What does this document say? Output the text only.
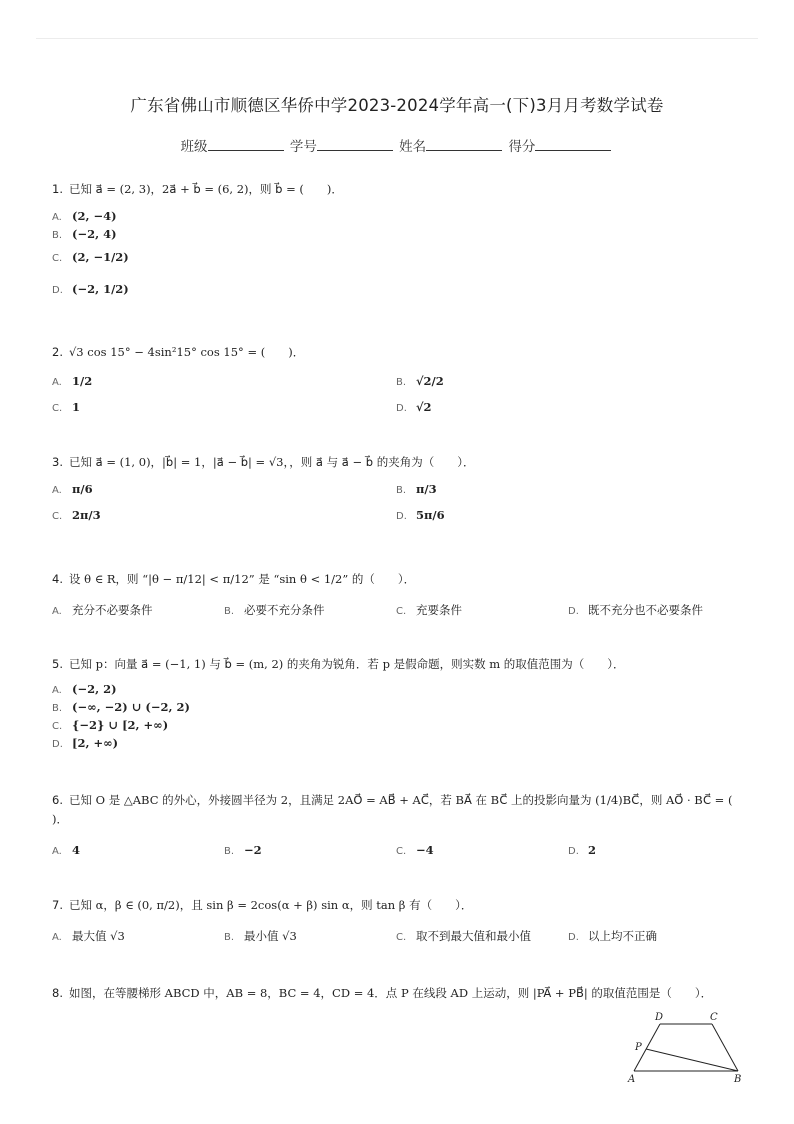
广东省佛山市顺德区华侨中学2023-2024学年高一(下)3月月考数学试卷
班级	学号	姓名	得分
1. 已知 a⃗ = (2, 3)，2a⃗ + b⃗ = (6, 2)，则 b⃗ = (　　)．
A. (2, −4)
B. (−2, 4)
C. (2, −1/2)
D. (−2, 1/2)
2. √3 cos 15° − 4sin²15° cos 15° = (　　)．
A. 1/2	B. √2/2
C. 1	D. √2
3. 已知 a⃗ = (1, 0)，|b⃗| = 1，|a⃗ − b⃗| = √3，，则 a⃗ 与 a⃗ − b⃗ 的夹角为（　　）．
A. π/6	B. π/3
C. 2π/3	D. 5π/6
4. 设 θ ∈ R，则 “|θ − π/12| < π/12” 是 “sin θ < 1/2” 的（　　）．
A. 充分不必要条件	B. 必要不充分条件	C. 充要条件	D. 既不充分也不必要条件
5. 已知 p：向量 a⃗ = (−1, 1) 与 b⃗ = (m, 2) 的夹角为锐角．若 p 是假命题，则实数 m 的取值范围为（　　）．
A. (−2, 2)
B. (−∞, −2) ∪ (−2, 2)
C. {−2} ∪ [2, +∞)
D. [2, +∞)
6. 已知 O 是 △ABC 的外心，外接圆半径为 2，且满足 2AO⃗ = AB⃗ + AC⃗，若 BA⃗ 在 BC⃗ 上的投影向量为 (1/4)BC⃗，则 AO⃗ · BC⃗ = (
)．
A. 4	B. −2	C. −4	D. 2
7. 已知 α，β ∈ (0, π/2)，且 sin β = 2cos(α + β) sin α，则 tan β 有（　　）．
A. 最大值 √3	B. 最小值 √3	C. 取不到最大值和最小值	D. 以上均不正确
8. 如图，在等腰梯形 ABCD 中，AB = 8，BC = 4，CD = 4．点 P 在线段 AD 上运动，则 |PA⃗ + PB⃗| 的取值范围是（　　）．
D	C
P
A	B
